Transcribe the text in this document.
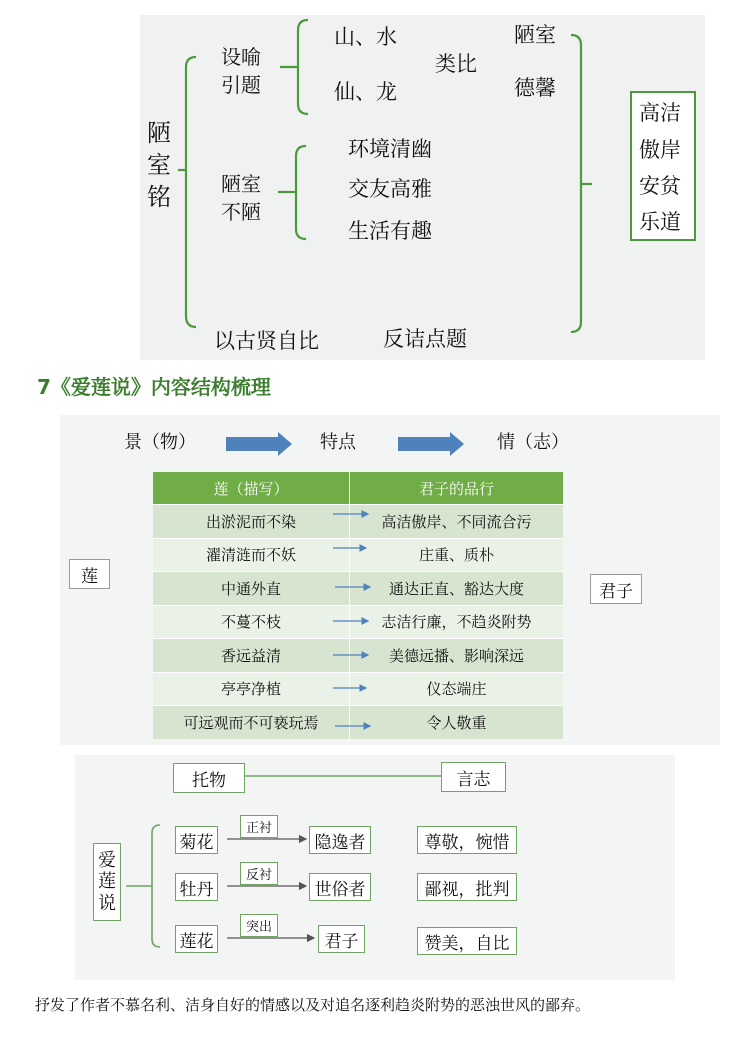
陋
室
铭
设喻
引题
山、水
仙、龙
类比
陋室
德馨
陋室
不陋
环境清幽
交友高雅
生活有趣
以古贤自比	反诘点题
高洁
傲岸
安贫
乐道
7《爱莲说》内容结构梳理
景（物）	特点	情（志）
莲
君子
莲（描写）	君子的品行
出淤泥而不染	高洁傲岸、不同流合污
濯清涟而不妖	庄重、质朴
中通外直	通达正直、豁达大度
不蔓不枝	志洁行廉，不趋炎附势
香远益清	美德远播、影响深远
亭亭净植	仪态端庄
可远观而不可亵玩焉	令人敬重
托物	言志
爱
莲
说
菊花
正衬
隐逸者	尊敬，惋惜
牡丹
反衬
世俗者	鄙视，批判
莲花
突出
君子	赞美，自比
抒发了作者不慕名利、洁身自好的情感以及对追名逐利趋炎附势的恶浊世风的鄙弃。
